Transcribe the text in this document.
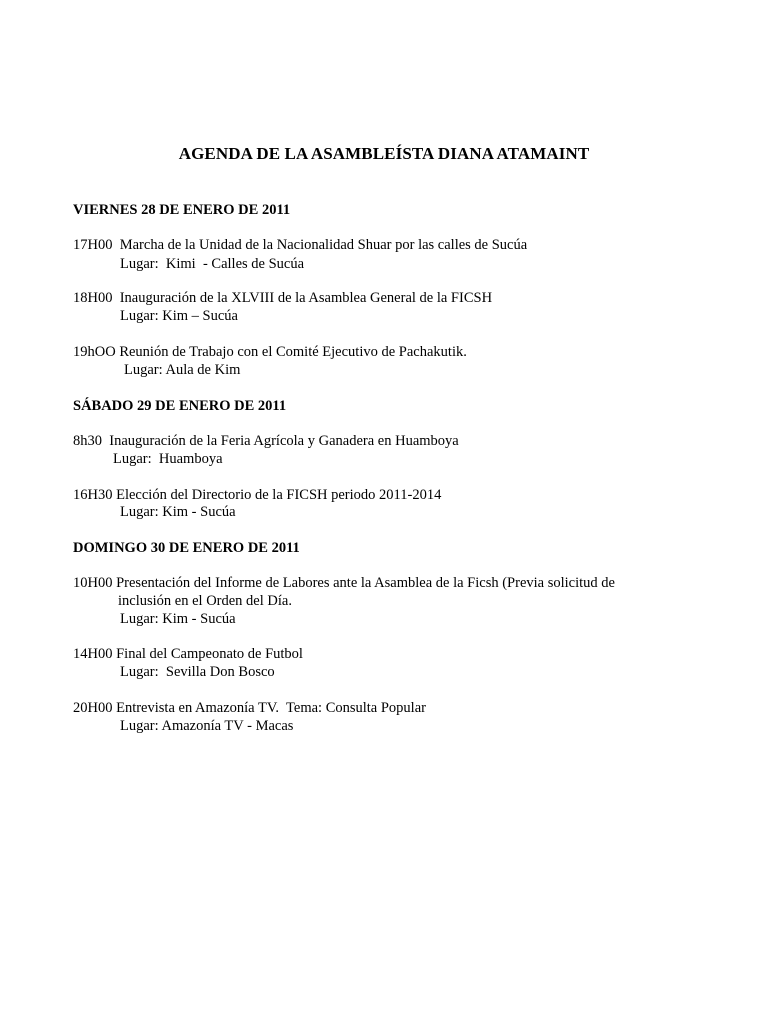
AGENDA DE LA ASAMBLEÍSTA DIANA ATAMAINT
VIERNES 28 DE ENERO DE 2011
17H00  Marcha de la Unidad de la Nacionalidad Shuar por las calles de Sucúa
Lugar:  Kimi  - Calles de Sucúa
18H00  Inauguración de la XLVIII de la Asamblea General de la FICSH
Lugar: Kim – Sucúa
19hOO Reunión de Trabajo con el Comité Ejecutivo de Pachakutik.
Lugar: Aula de Kim
SÁBADO 29 DE ENERO DE 2011
8h30  Inauguración de la Feria Agrícola y Ganadera en Huamboya
Lugar:  Huamboya
16H30 Elección del Directorio de la FICSH periodo 2011-2014
Lugar: Kim - Sucúa
DOMINGO 30 DE ENERO DE 2011
10H00 Presentación del Informe de Labores ante la Asamblea de la Ficsh (Previa solicitud de
inclusión en el Orden del Día.
Lugar: Kim - Sucúa
14H00 Final del Campeonato de Futbol
Lugar:  Sevilla Don Bosco
20H00 Entrevista en Amazonía TV.  Tema: Consulta Popular
Lugar: Amazonía TV - Macas
